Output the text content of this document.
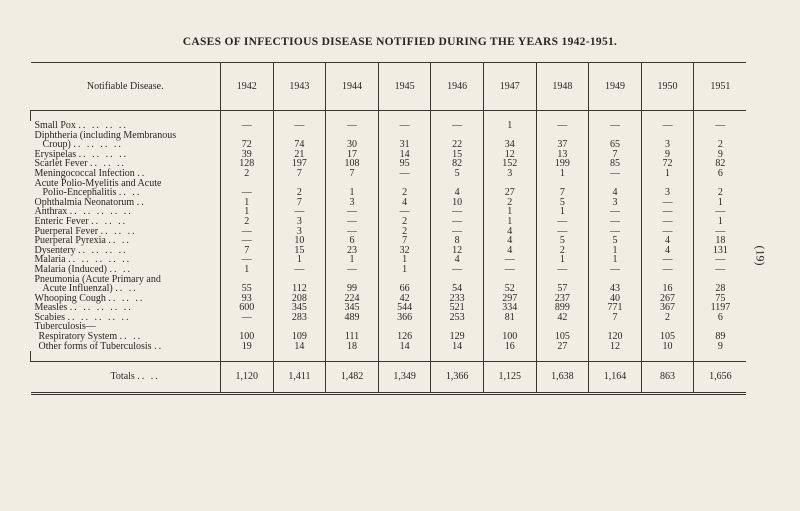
CASES OF INFECTIOUS DISEASE NOTIFIED DURING THE YEARS 1942-1951.
(19)
Notifiable Disease.	1942	1943	1944	1945	1946	1947	1948	1949	1950	1951

Small Pox .. .. .. ..	—	—	—	—	—	1	—	—	—	—
Diphtheria (including Membranous										
Croup) .. .. .. ..	72	74	30	31	22	34	37	65	3	2
Erysipelas .. .. .. ..	39	21	17	14	15	12	13	7	9	9
Scarlet Fever .. .. ..	128	197	108	95	82	152	199	85	72	82
Meningococcal Infection ..	2	7	7	—	5	3	1	—	1	6
Acute Polio-Myelitis and Acute										
Polio-Encephalitis .. ..	—	2	1	2	4	27	7	4	3	2
Ophthalmia Neonatorum ..	1	7	3	4	10	2	5	3	—	1
Anthrax .. .. .. .. ..	1	—	—	—	—	1	1	—	—	—
Enteric Fever .. .. ..	2	3	—	2	—	1	—	—	—	1
Puerperal Fever .. .. ..	—	3	—	2	—	4	—	—	—	—
Puerperal Pyrexia .. ..	—	10	6	7	8	4	5	5	4	18
Dysentery .. .. .. ..	7	15	23	32	12	4	2	1	4	131
Malaria .. .. .. .. ..	—	1	1	1	4	—	1	1	—	—
Malaria (Induced) .. ..	1	—	—	1	—	—	—	—	—	—
Pneumonia (Acute Primary and										
Acute Influenzal) .. ..	55	112	99	66	54	52	57	43	16	28
Whooping Cough .. .. ..	93	208	224	42	233	297	237	40	267	75
Measles .. .. .. .. ..	600	345	345	544	521	334	899	771	367	1197
Scabies .. .. .. .. ..	—	283	489	366	253	81	42	7	2	6
Tuberculosis—										
Respiratory System .. ..	100	109	111	126	129	100	105	120	105	89
Other forms of Tuberculosis ..	19	14	18	14	14	16	27	12	10	9

Totals .. ..	1,120	1,411	1,482	1,349	1,366	1,125	1,638	1,164	863	1,656
